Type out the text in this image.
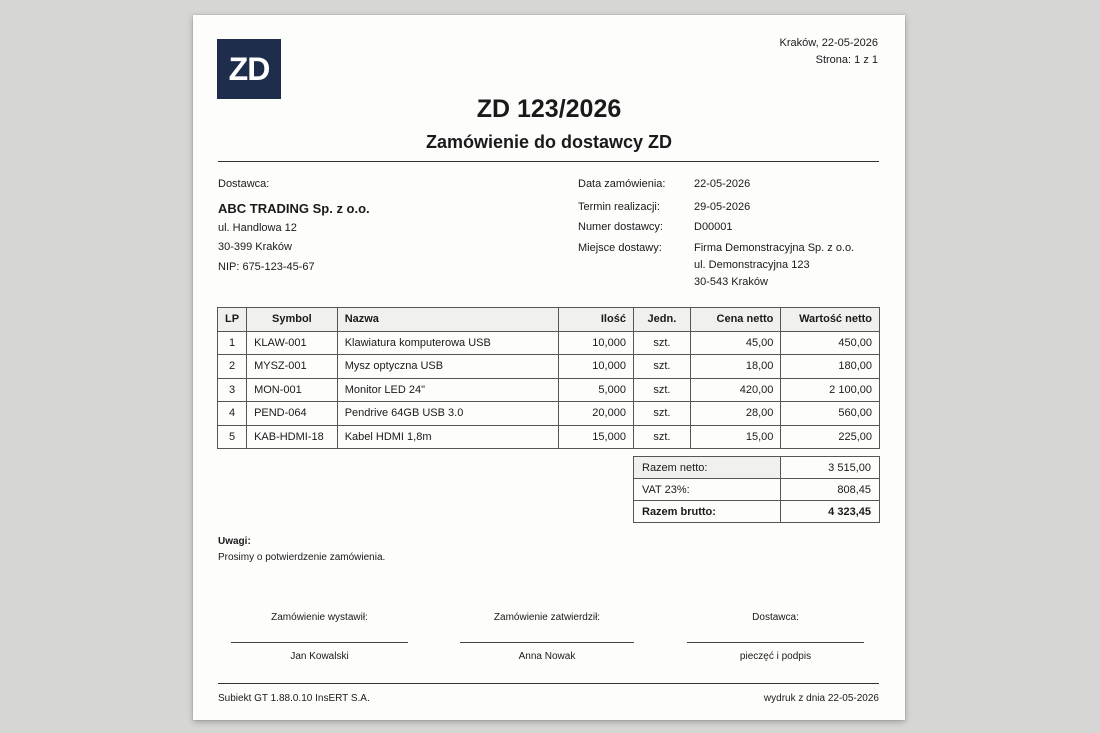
ZD
Kraków, 22-05-2026
Strona: 1 z 1
ZD 123/2026
Zamówienie do dostawcy ZD
Dostawca:
ABC TRADING Sp. z o.o.
ul. Handlowa 12
30-399 Kraków
NIP: 675-123-45-67
Data zamówienia:	22-05-2026
Termin realizacji:	29-05-2026
Numer dostawcy:	D00001
Miejsce dostawy:	Firma Demonstracyjna Sp. z o.o.
ul. Demonstracyjna 123
30-543 Kraków
LP	Symbol	Nazwa	Ilość	Jedn.	Cena netto	Wartość netto
1	KLAW-001	Klawiatura komputerowa USB	10,000	szt.	45,00	450,00
2	MYSZ-001	Mysz optyczna USB	10,000	szt.	18,00	180,00
3	MON-001	Monitor LED 24"	5,000	szt.	420,00	2 100,00
4	PEND-064	Pendrive 64GB USB 3.0	20,000	szt.	28,00	560,00
5	KAB-HDMI-18	Kabel HDMI 1,8m	15,000	szt.	15,00	225,00
Razem netto:	3 515,00
VAT 23%:	808,45
Razem brutto:	4 323,45
Uwagi:
Prosimy o potwierdzenie zamówienia.
Zamówienie wystawił:
Jan Kowalski
Zamówienie zatwierdził:
Anna Nowak
Dostawca:
pieczęć i podpis
Subiekt GT 1.88.0.10 InsERT S.A.	wydruk z dnia 22-05-2026
